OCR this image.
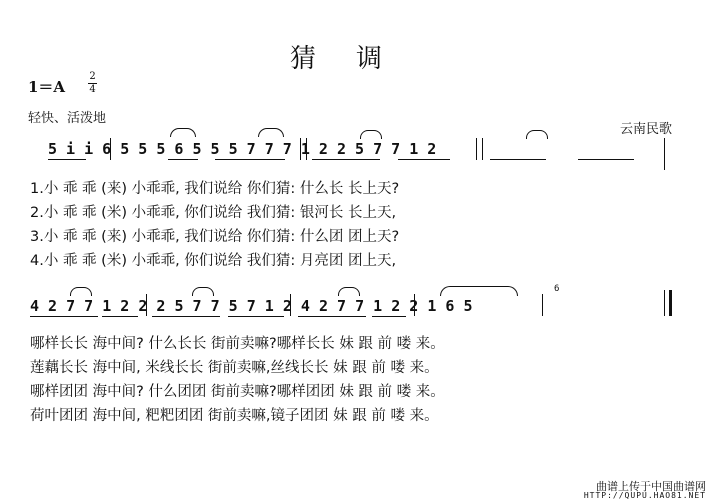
猜调
1＝A
2
4
轻快、活泼地
云南民歌
5 i i 6 5 5 5 6 5 5 5 7 7 7 1 2 2 5 7 7 1 2
1.小 乖 乖 (来) 小乖乖, 我们说给 你们猜: 什么长 长上天?
2.小 乖 乖 (米) 小乖乖, 你们说给 我们猜: 银河长 长上天,
3.小 乖 乖 (来) 小乖乖, 我们说给 你们猜: 什么团 团上天?
4.小 乖 乖 (米) 小乖乖, 你们说给 我们猜: 月亮团 团上天,
4 2 7 7 1 2 2 2 5 7 7 5 7 1 2 4 2 7 7 1 2 2 1 6 5
6
哪样长长 海中间? 什么长长 街前卖嘛?哪样长长 妹 跟 前 喽 来。
莲藕长长 海中间, 米线长长 街前卖嘛,丝线长长 妹 跟 前 喽 来。
哪样团团 海中间? 什么团团 街前卖嘛?哪样团团 妹 跟 前 喽 来。
荷叶团团 海中间, 粑粑团团 街前卖嘛,镜子团团 妹 跟 前 喽 来。
曲谱上传于中国曲谱网
HTTP://QUPU.HAO81.NET
